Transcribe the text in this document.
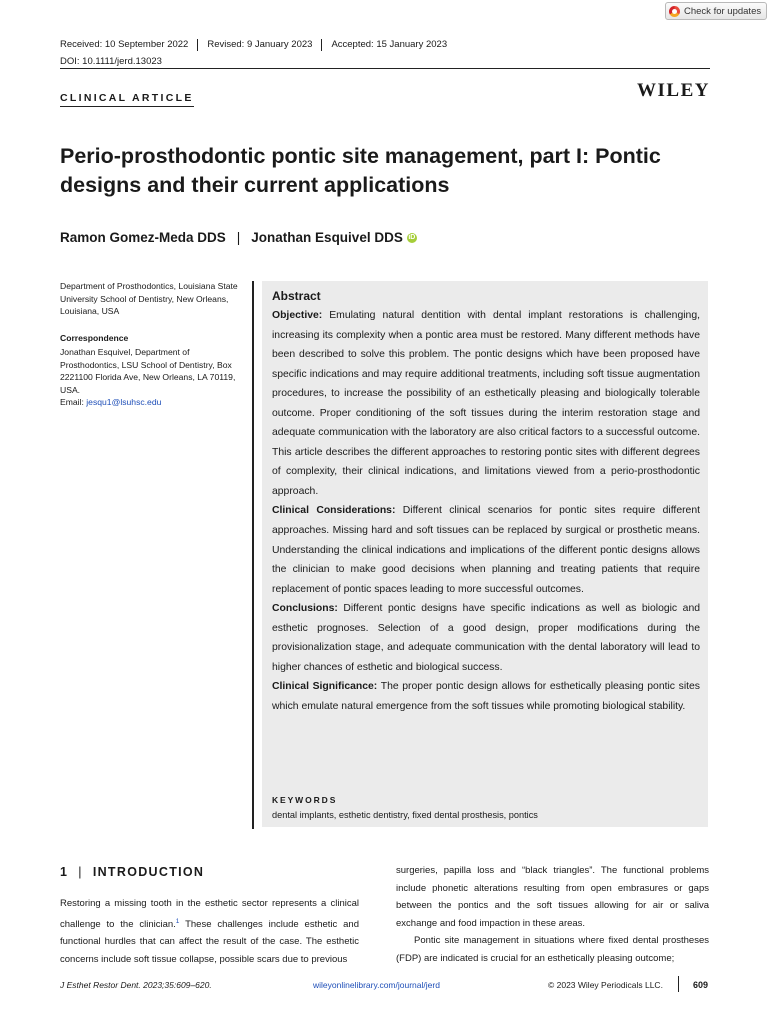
Check for updates
Received: 10 September 2022	Revised: 9 January 2023	Accepted: 15 January 2023
DOI: 10.1111/jerd.13023
CLINICAL ARTICLE	WILEY
Perio-prosthodontic pontic site management, part I: Pontic designs and their current applications
Ramon Gomez-Meda DDS | Jonathan Esquivel DDS iD
Department of Prosthodontics, Louisiana State University School of Dentistry, New Orleans, Louisiana, USA
Correspondence
Jonathan Esquivel, Department of Prosthodontics, LSU School of Dentistry, Box 2221100 Florida Ave, New Orleans, LA 70119, USA.
Email: jesqu1@lsuhsc.edu
Abstract

Objective: Emulating natural dentition with dental implant restorations is challenging, increasing its complexity when a pontic area must be restored. Many different methods have been described to solve this problem. The pontic designs which have been proposed have specific indications and may require additional treatments, including soft tissue augmentation procedures, to increase the possibility of an esthetically pleasing and biologically tolerable outcome. Proper conditioning of the soft tissues during the interim restoration stage and adequate communication with the laboratory are also critical factors to a successful outcome. This article describes the different approaches to restoring pontic sites with different degrees of complexity, their clinical indications, and limitations viewed from a perio-prosthodontic approach.

Clinical Considerations: Different clinical scenarios for pontic sites require different approaches. Missing hard and soft tissues can be replaced by surgical or prosthetic means. Understanding the clinical indications and implications of the different pontic designs allows the clinician to make good decisions when planning and treating patients that require replacement of pontic spaces leading to more successful outcomes.

Conclusions: Different pontic designs have specific indications as well as biologic and esthetic prognoses. Selection of a good design, proper modifications during the provisionalization stage, and adequate communication with the dental laboratory will lead to higher chances of esthetic and biological success.

Clinical Significance: The proper pontic design allows for esthetically pleasing pontic sites which emulate natural emergence from the soft tissues while promoting biological stability.

KEYWORDS
dental implants, esthetic dentistry, fixed dental prosthesis, pontics
1 | INTRODUCTION

Restoring a missing tooth in the esthetic sector represents a clinical challenge to the clinician.$^1$ These challenges include esthetic and functional hurdles that can affect the result of the case. The esthetic concerns include soft tissue collapse, possible scars due to previous

surgeries, papilla loss and “black triangles”. The functional problems include phonetic alterations resulting from open embrasures or gaps between the pontics and the soft tissues allowing for air or saliva exchange and food impaction in these areas.

Pontic site management in situations where fixed dental prostheses (FDP) are indicated is crucial for an esthetically pleasing outcome;

J Esthet Restor Dent. 2023;35:609–620.	wileyonlinelibrary.com/journal/jerd	© 2023 Wiley Periodicals LLC.	609
